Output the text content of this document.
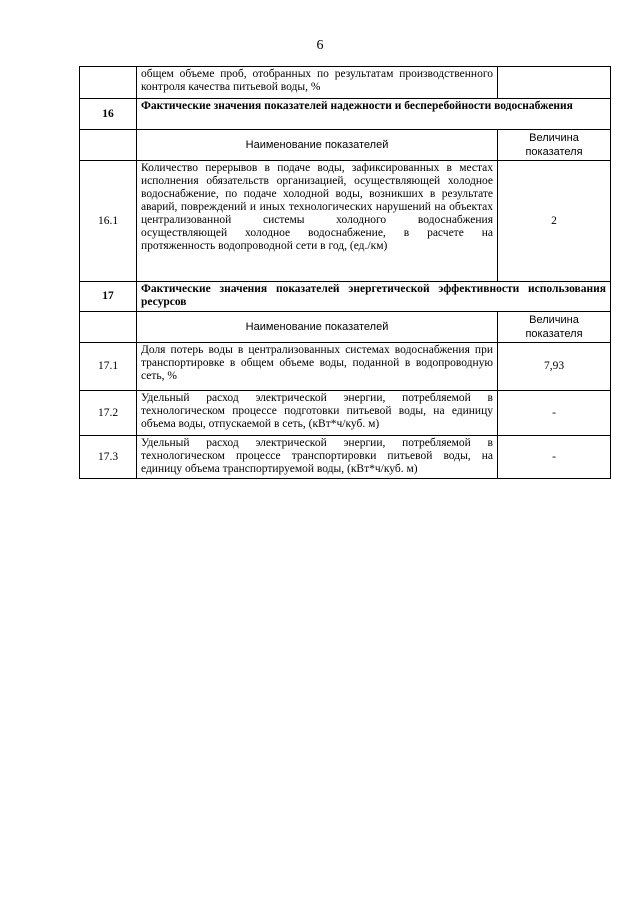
6
	общем объеме проб, отобранных по результатам производственного контроля качества питьевой воды, %	
16	Фактические значения показателей надежности и бесперебойности водоснабжения	
	Наименование показателей	Величина показателя
16.1	Количество перерывов в подаче воды, зафиксированных в местах исполнения обязательств организацией, осуществляющей холодное водоснабжение, по подаче холодной воды, возникших в результате аварий, повреждений и иных технологических нарушений на объектах централизованной системы холодного водоснабжения осуществляющей холодное водоснабжение, в расчете на протяженность водопроводной сети в год, (ед./км)	2
17	Фактические значения показателей энергетической эффективности использования ресурсов	
	Наименование показателей	Величина показателя
17.1	Доля потерь воды в централизованных системах водоснабжения при транспортировке в общем объеме воды, поданной в водопроводную сеть, %	7,93
17.2	Удельный расход электрической энергии, потребляемой в технологическом процессе подготовки питьевой воды, на единицу объема воды, отпускаемой в сеть, (кВт*ч/куб. м)	-
17.3	Удельный расход электрической энергии, потребляемой в технологическом процессе транспортировки питьевой воды, на единицу объема транспортируемой воды, (кВт*ч/куб. м)	-
